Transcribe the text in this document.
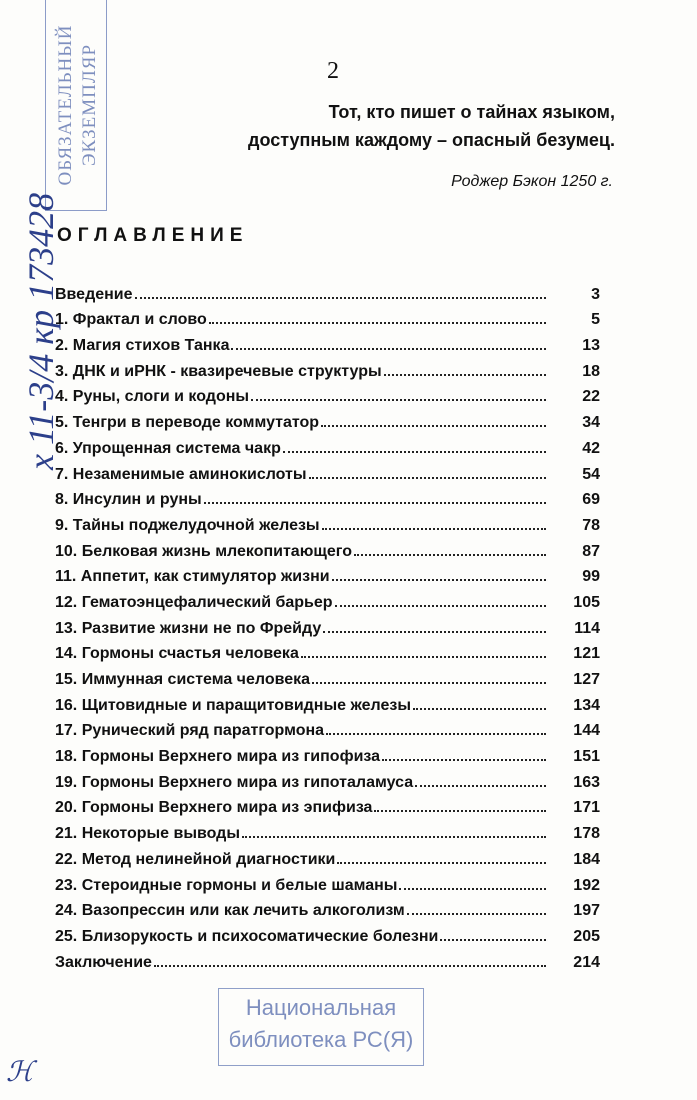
ОБЯЗАТЕЛЬНЫЙ ЭКЗЕМПЛЯР
x 11-3/4 кр 173428
2
Тот, кто пишет о тайнах языком,
доступным каждому – опасный безумец.
Роджер Бэкон 1250 г.
ОГЛАВЛЕНИЕ
Введение	3
1. Фрактал и слово	5
2. Магия стихов Танка	13
3. ДНК и иРНК - квазиречевые структуры	18
4. Руны, слоги и кодоны	22
5. Тенгри в переводе коммутатор	34
6. Упрощенная система чакр	42
7. Незаменимые аминокислоты	54
8. Инсулин и руны	69
9. Тайны поджелудочной железы	78
10. Белковая жизнь млекопитающего	87
11. Аппетит, как стимулятор жизни	99
12. Гематоэнцефалический барьер	105
13. Развитие жизни не по Фрейду	114
14. Гормоны счастья человека	121
15. Иммунная система человека	127
16. Щитовидные и паращитовидные железы	134
17. Рунический ряд паратгормона	144
18. Гормоны Верхнего мира из гипофиза	151
19. Гормоны Верхнего мира из гипоталамуса	163
20. Гормоны Верхнего мира из эпифиза	171
21. Некоторые выводы	178
22. Метод нелинейной диагностики	184
23. Стероидные гормоны и белые шаманы	192
24. Вазопрессин или как лечить алкоголизм	197
25. Близорукость и психосоматические болезни	205
Заключение	214
Национальная
библиотека РС(Я)
ℋ
